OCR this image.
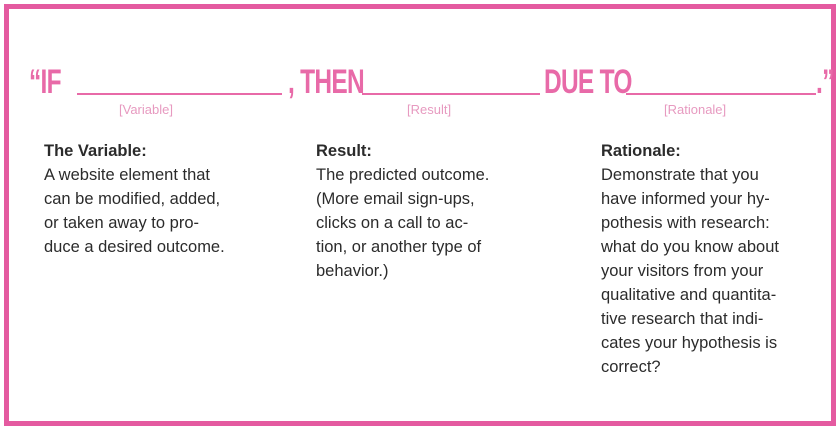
“IF	, THEN	DUE TO	.”
[Variable]	[Result]	[Rationale]
The Variable:
A website element that
can be modified, added,
or taken away to pro-
duce a desired outcome.
Result:
The predicted outcome.
(More email sign-ups,
clicks on a call to ac-
tion, or another type of
behavior.)
Rationale:
Demonstrate that you
have informed your hy-
pothesis with research:
what do you know about
your visitors from your
qualitative and quantita-
tive research that indi-
cates your hypothesis is
correct?
